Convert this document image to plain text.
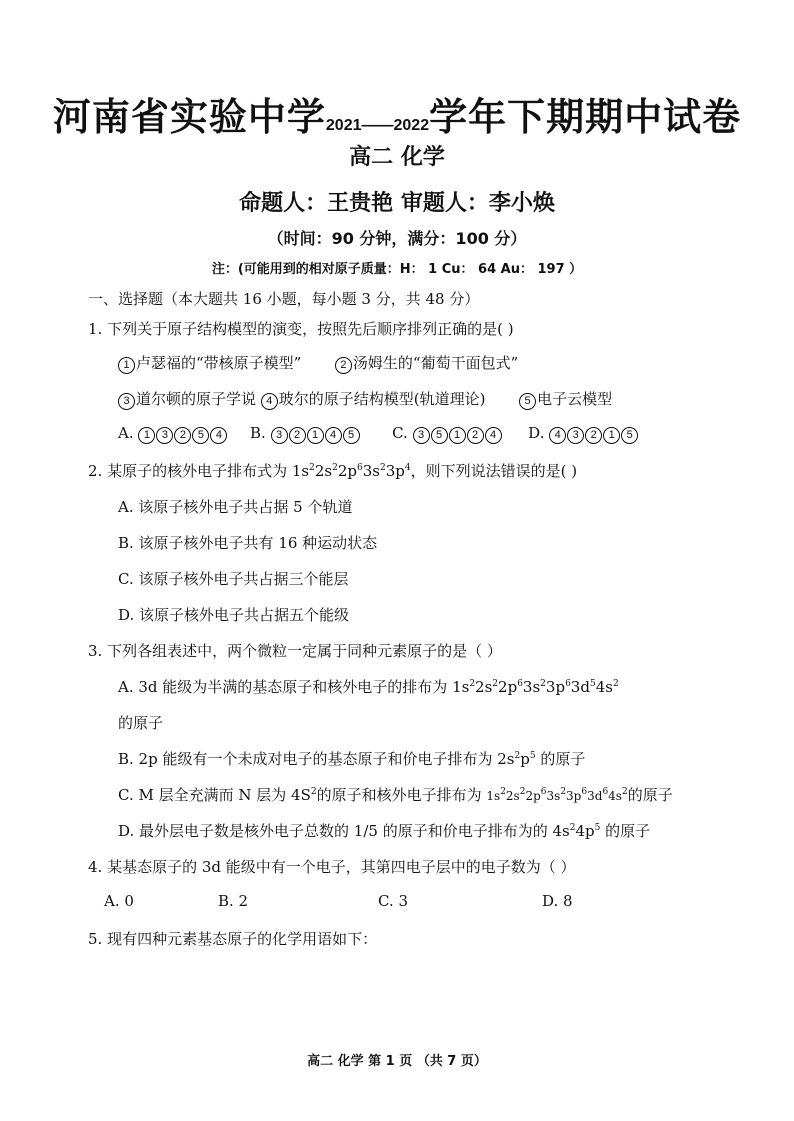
河南省实验中学2021——2022学年下期期中试卷
高二 化学
命题人：王贵艳 审题人：李小焕
（时间：90 分钟，满分：100 分）
注：(可能用到的相对原子质量：H： 1 Cu： 64 Au： 197 ）
一、选择题（本大题共 16 小题，每小题 3 分，共 48 分）
1. 下列关于原子结构模型的演变，按照先后顺序排列正确的是( )
1 卢瑟福的“带核原子模型”	2 汤姆生的“葡萄干面包式”
3 道尔顿的原子学说 4 玻尔的原子结构模型(轨道理论)	5 电子云模型
A. 1 3 2 5 4 B. 3 2 1 4 5	C. 3 5 1 2 4 D. 4 3 2 1 5
2. 某原子的核外电子排布式为 $1s^22s^22p^63s^23p^4$，则下列说法错误的是( )
A. 该原子核外电子共占据 5 个轨道
B. 该原子核外电子共有 16 种运动状态
C. 该原子核外电子共占据三个能层
D. 该原子核外电子共占据五个能级
3. 下列各组表述中，两个微粒一定属于同种元素原子的是（ ）
A. 3d 能级为半满的基态原子和核外电子的排布为 $1s^22s^22p^63s^23p^63d^54s^2$
的原子
B. 2p 能级有一个未成对电子的基态原子和价电子排布为 $2s^2p^5$ 的原子
C. M 层全充满而 N 层为 $4S^2$的原子和核外电子排布为 $1s^22s^22p^63s^23p^63d^64s^2$的原子
D. 最外层电子数是核外电子总数的 1/5 的原子和价电子排布为的 $4s^24p^5$ 的原子
4. 某基态原子的 3d 能级中有一个电子，其第四电子层中的电子数为（ ）
A. 0	B. 2	C. 3	D. 8
5. 现有四种元素基态原子的化学用语如下：
高二 化学 第 1 页 （共 7 页）
